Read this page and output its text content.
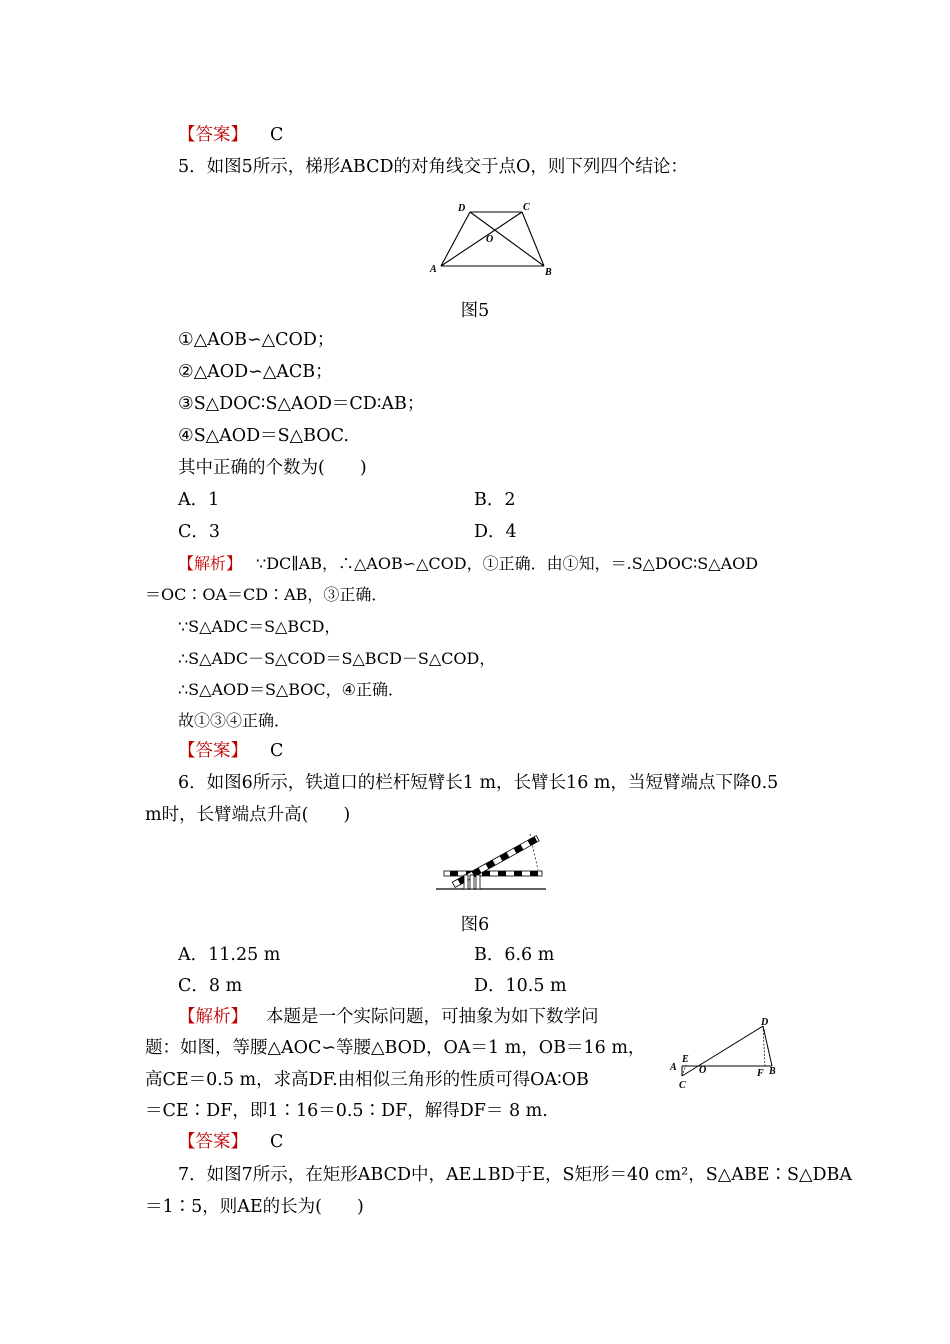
【答案】 C
5．如图5所示，梯形ABCD的对角线交于点O，则下列四个结论：
D	C
O
A	B
图5
①△AOB∽△COD；
②△AOD∽△ACB；
③S△DOC∶S△AOD＝CD∶AB；
④S△AOD＝S△BOC.
其中正确的个数为(　　)
A．1	B．2
C．3	D．4
【解析】 ∵DC∥AB，∴△AOB∽△COD，①正确．由①知，＝.S△DOC∶S△AOD
＝OC∶OA＝CD∶AB，③正确．
∵S△ADC＝S△BCD，
∴S△ADC－S△COD＝S△BCD－S△COD，
∴S△AOD＝S△BOC，④正确．
故①③④正确．
【答案】 C
6．如图6所示，铁道口的栏杆短臂长1 m，长臂长16 m，当短臂端点下降0.5
m时，长臂端点升高(　　)
图6
A．11.25 m	B．6.6 m
C．8 m	D．10.5 m
【解析】 本题是一个实际问题，可抽象为如下数学问
题：如图，等腰△AOC∽等腰△BOD，OA＝1 m，OB＝16 m，
高CE＝0.5 m，求高DF.由相似三角形的性质可得OA∶OB
＝CE∶DF，即1∶16＝0.5∶DF，解得DF＝ 8 m.
D
A
E
O
C
F B
【答案】 C
7．如图7所示，在矩形ABCD中，AE⊥BD于E，S矩形＝40 cm²，S△ABE∶S△DBA
＝1∶5，则AE的长为(　　)
